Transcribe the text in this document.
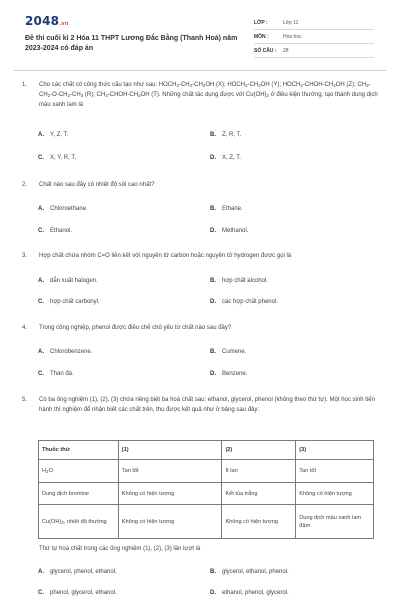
2048.vn
Đề thi cuối kì 2 Hóa 11 THPT Lương Đắc Bằng (Thanh Hoá) năm 2023-2024 có đáp án
LỚP :	Lớp 11
MÔN :	Hóa học
SỐ CÂU :	28
1.	Cho các chất có công thức cấu tạo như sau: $HOCH_2-CH_2-CH_2OH$ (X); $HOCH_2-CH_2OH$ (Y); $HOCH_2-CHOH-CH_2OH$ (Z); $CH_3-CH_2-O-CH_2-CH_3$ (R); $CH_3-CHOH-CH_2OH$ (T). Những chất tác dụng được với $Cu(OH)_2$ ở điều kiện thường, tạo thành dung dịch màu xanh lam là
A. Y, Z, T.	B. Z, R, T.
C. X, Y, R, T.	D. X, Z, T.
2.	Chất nào sau đây có nhiệt độ sôi cao nhất?
A. Chloroethane.	B. Ethane.
C. Ethanol.	D. Methanol.
3.	Hợp chất chứa nhóm C=O liên kết với nguyên tử carbon hoặc nguyên tử hydrogen được gọi là
A. dẫn xuất halogen.	B. hợp chất alcohol.
C. hợp chất carbonyl.	D. các hợp chất phenol.
4.	Trong công nghiệp, phenol được điều chế chủ yếu từ chất nào sau đây?
A. Chlorobenzene.	B. Cumene.
C. Than đá.	D. Benzene.
5.	Có ba ống nghiệm (1), (2), (3) chứa riêng biệt ba hoá chất sau: ethanol, glycerol, phenol (không theo thứ tự). Một học sinh tiến hành thí nghiệm để nhận biết các chất trên, thu được kết quả như ở bảng sau đây:
Thuốc thử	(1)	(2)	(3)
$H_2O$	Tan tốt	Ít tan	Tan tốt
Dung dịch bromine	Không có hiện tượng	Kết tủa trắng	Không có hiện tượng
$Cu(OH)_2$, nhiệt độ thường	Không có hiện tượng	Không có hiện tượng	Dung dịch màu xanh lam đậm
Thứ tự hoá chất trong các ống nghiệm (1), (2), (3) lần lượt là
A. glycerol, phenol, ethanol.	B. glycerol, ethanol, phenol.
C. phenol, glycerol, ethanol.	D. ethanol, phenol, glycerol.
